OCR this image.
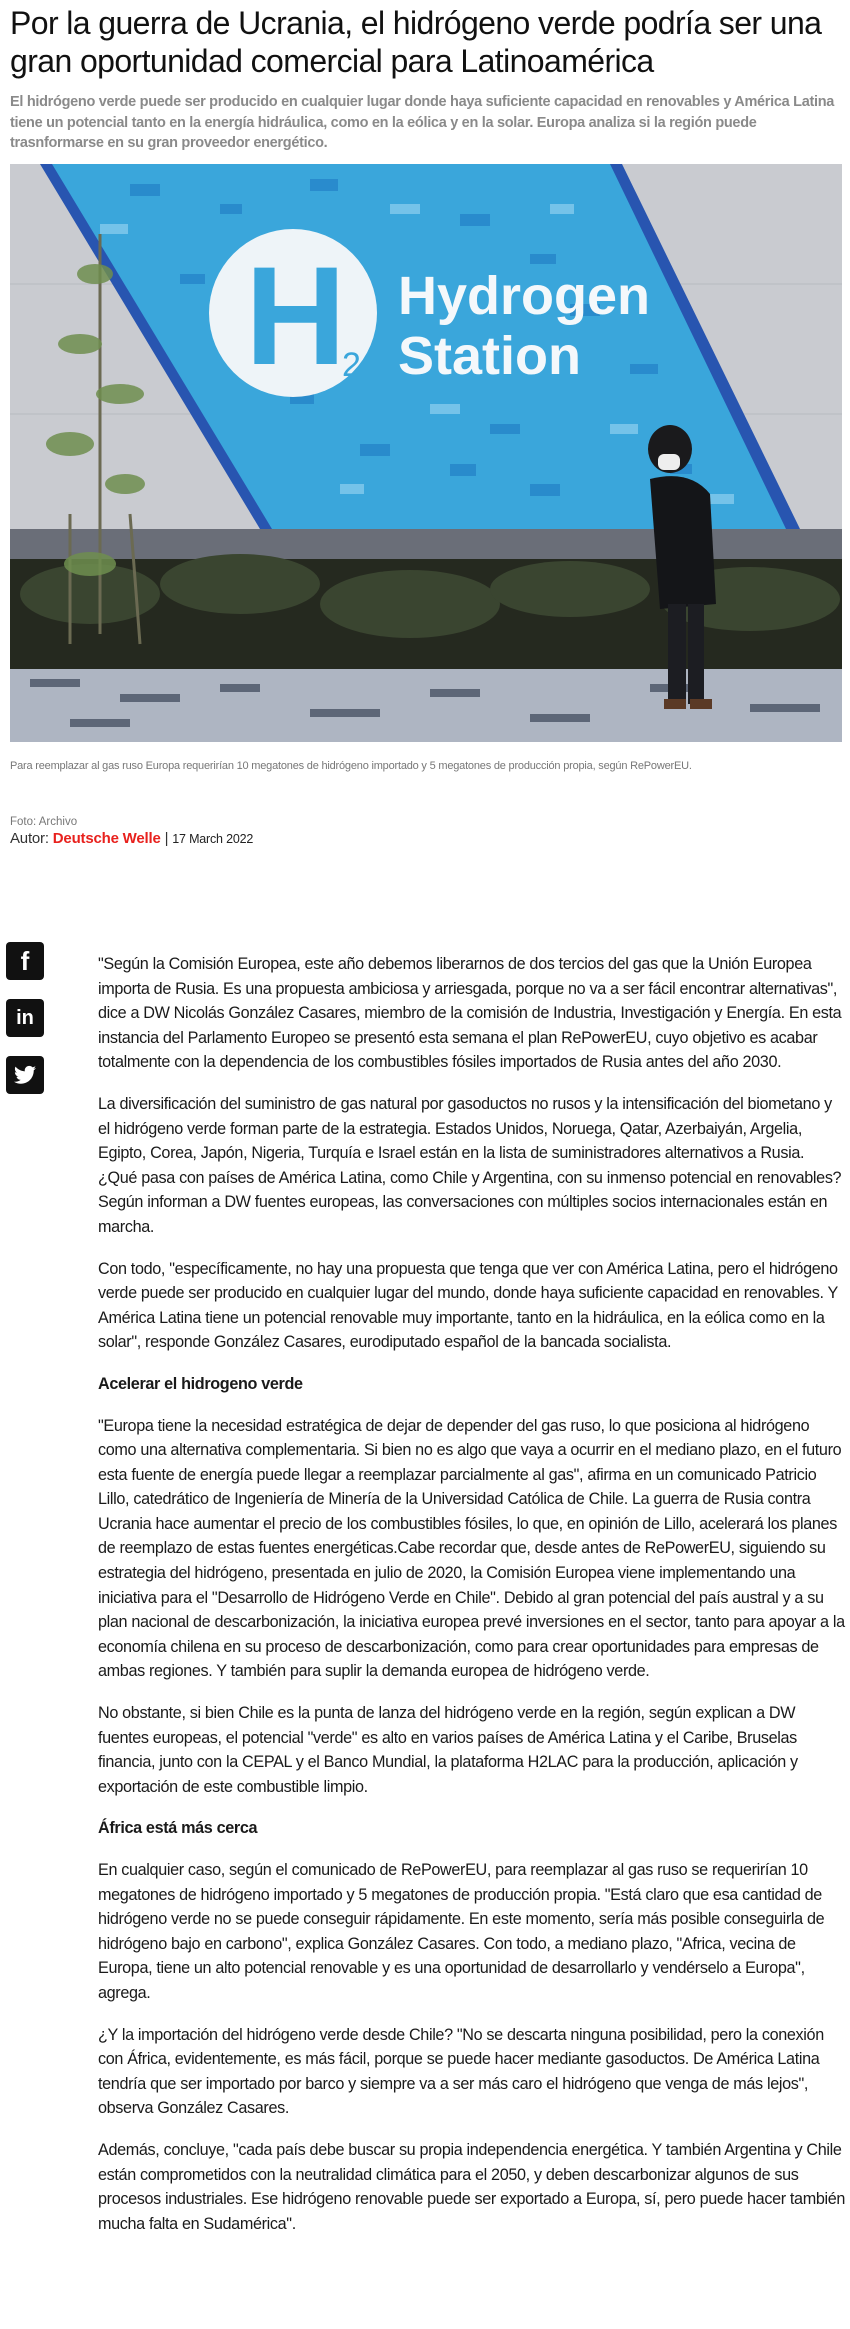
Por la guerra de Ucrania, el hidrógeno verde podría ser una gran oportunidad comercial para Latinoamérica

El hidrógeno verde puede ser producido en cualquier lugar donde haya suficiente capacidad en renovables y América Latina tiene un potencial tanto en la energía hidráulica, como en la eólica y en la solar. Europa analiza si la región puede trasnformarse en su gran proveedor energético.

H
2
Hydrogen
Station
Para reemplazar al gas ruso Europa requerirían 10 megatones de hidrógeno importado y 5 megatones de producción propia, según RePowerEU.
Foto: Archivo
Autor: Deutsche Welle | 17 March 2022
f
in

"Según la Comisión Europea, este año debemos liberarnos de dos tercios del gas que la Unión Europea importa de Rusia. Es una propuesta ambiciosa y arriesgada, porque no va a ser fácil encontrar alternativas", dice a DW Nicolás González Casares, miembro de la comisión de Industria, Investigación y Energía. En esta instancia del Parlamento Europeo se presentó esta semana el plan RePowerEU, cuyo objetivo es acabar totalmente con la dependencia de los combustibles fósiles importados de Rusia antes del año 2030.

La diversificación del suministro de gas natural por gasoductos no rusos y la intensificación del biometano y el hidrógeno verde forman parte de la estrategia. Estados Unidos, Noruega, Qatar, Azerbaiyán, Argelia, Egipto, Corea, Japón, Nigeria, Turquía e Israel están en la lista de suministradores alternativos a Rusia. ¿Qué pasa con países de América Latina, como Chile y Argentina, con su inmenso potencial en renovables? Según informan a DW fuentes europeas, las conversaciones con múltiples socios internacionales están en marcha.

Con todo, "específicamente, no hay una propuesta que tenga que ver con América Latina, pero el hidrógeno verde puede ser producido en cualquier lugar del mundo, donde haya suficiente capacidad en renovables. Y América Latina tiene un potencial renovable muy importante, tanto en la hidráulica, en la eólica como en la solar", responde González Casares, eurodiputado español de la bancada socialista.

Acelerar el hidrogeno verde

"Europa tiene la necesidad estratégica de dejar de depender del gas ruso, lo que posiciona al hidrógeno como una alternativa complementaria. Si bien no es algo que vaya a ocurrir en el mediano plazo, en el futuro esta fuente de energía puede llegar a reemplazar parcialmente al gas", afirma en un comunicado Patricio Lillo, catedrático de Ingeniería de Minería de la Universidad Católica de Chile. La guerra de Rusia contra Ucrania hace aumentar el precio de los combustibles fósiles, lo que, en opinión de Lillo, acelerará los planes de reemplazo de estas fuentes energéticas.Cabe recordar que, desde antes de RePowerEU, siguiendo su estrategia del hidrógeno, presentada en julio de 2020, la Comisión Europea viene implementando una iniciativa para el "Desarrollo de Hidrógeno Verde en Chile". Debido al gran potencial del país austral y a su plan nacional de descarbonización, la iniciativa europea prevé inversiones en el sector, tanto para apoyar a la economía chilena en su proceso de descarbonización, como para crear oportunidades para empresas de ambas regiones. Y también para suplir la demanda europea de hidrógeno verde.

No obstante, si bien Chile es la punta de lanza del hidrógeno verde en la región, según explican a DW fuentes europeas, el potencial "verde" es alto en varios países de América Latina y el Caribe, Bruselas financia, junto con la CEPAL y el Banco Mundial, la plataforma H2LAC para la producción, aplicación y exportación de este combustible limpio.

África está más cerca

En cualquier caso, según el comunicado de RePowerEU, para reemplazar al gas ruso se requerirían 10 megatones de hidrógeno importado y 5 megatones de producción propia. "Está claro que esa cantidad de hidrógeno verde no se puede conseguir rápidamente. En este momento, sería más posible conseguirla de hidrógeno bajo en carbono", explica González Casares. Con todo, a mediano plazo, "Africa, vecina de Europa, tiene un alto potencial renovable y es una oportunidad de desarrollarlo y vendérselo a Europa", agrega.

¿Y la importación del hidrógeno verde desde Chile? "No se descarta ninguna posibilidad, pero la conexión con África, evidentemente, es más fácil, porque se puede hacer mediante gasoductos. De América Latina tendría que ser importado por barco y siempre va a ser más caro el hidrógeno que venga de más lejos", observa González Casares.

Además, concluye, "cada país debe buscar su propia independencia energética. Y también Argentina y Chile están comprometidos con la neutralidad climática para el 2050, y deben descarbonizar algunos de sus procesos industriales. Ese hidrógeno renovable puede ser exportado a Europa, sí, pero puede hacer también mucha falta en Sudamérica".
